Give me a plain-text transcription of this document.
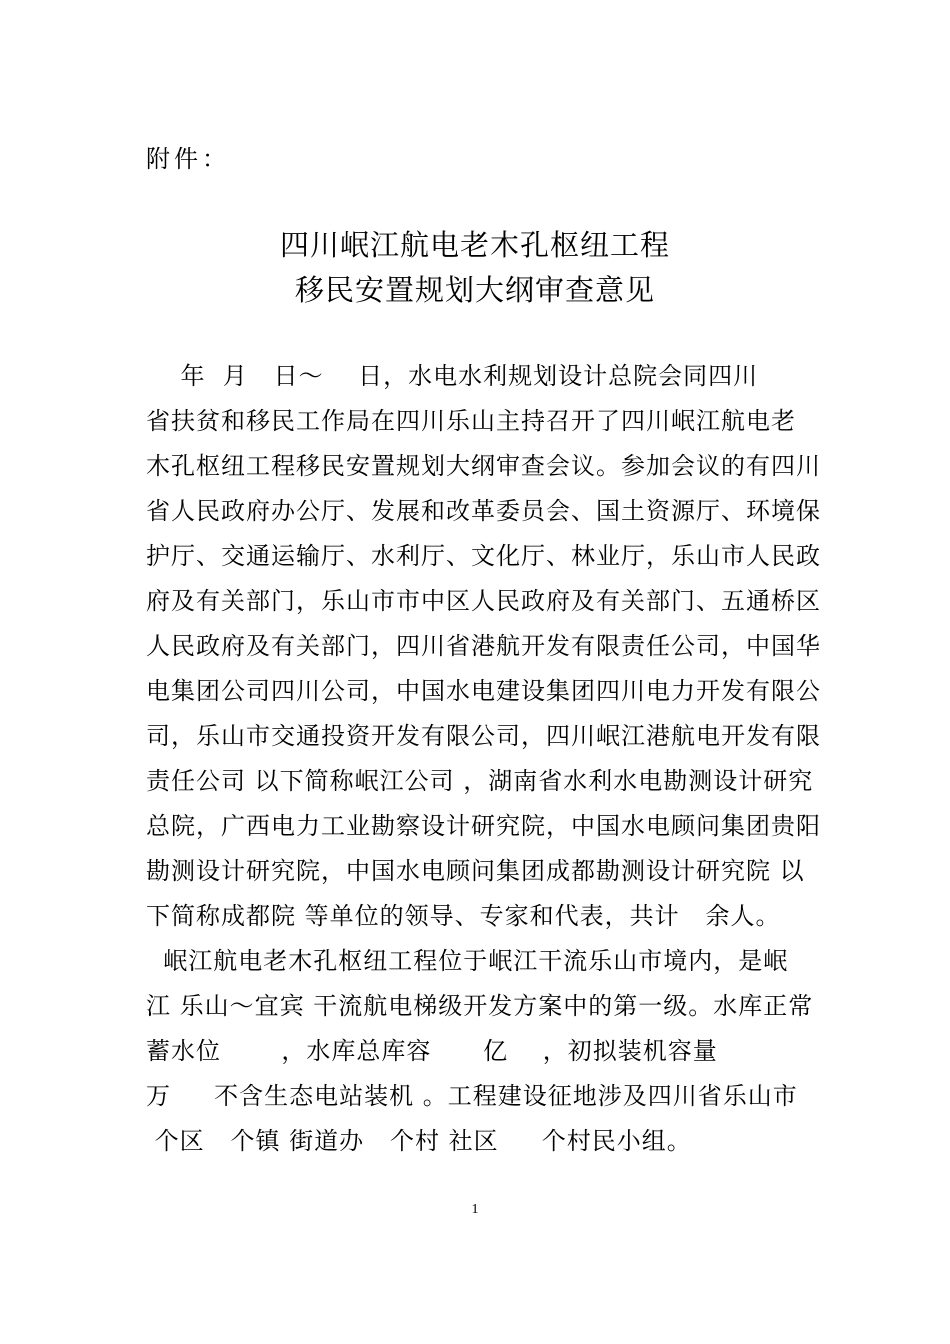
附件：
四川岷江航电老木孔枢纽工程
移民安置规划大纲审查意见
年  月   日～    日，水电水利规划设计总院会同四川
省扶贫和移民工作局在四川乐山主持召开了四川岷江航电老
木孔枢纽工程移民安置规划大纲审查会议。参加会议的有四川
省人民政府办公厅、发展和改革委员会、国土资源厅、环境保
护厅、交通运输厅、水利厅、文化厅、林业厅，乐山市人民政
府及有关部门，乐山市市中区人民政府及有关部门、五通桥区
人民政府及有关部门，四川省港航开发有限责任公司，中国华
电集团公司四川公司，中国水电建设集团四川电力开发有限公
司，乐山市交通投资开发有限公司，四川岷江港航电开发有限
责任公司 以下简称岷江公司 ，湖南省水利水电勘测设计研究
总院，广西电力工业勘察设计研究院，中国水电顾问集团贵阳
勘测设计研究院，中国水电顾问集团成都勘测设计研究院 以
下简称成都院 等单位的领导、专家和代表，共计   余人。
岷江航电老木孔枢纽工程位于岷江干流乐山市境内，是岷
江 乐山～宜宾 干流航电梯级开发方案中的第一级。水库正常
蓄水位       ，水库总库容      亿    ，初拟装机容量
万     不含生态电站装机 。工程建设征地涉及四川省乐山市
个区   个镇 街道办   个村 社区     个村民小组。
1
